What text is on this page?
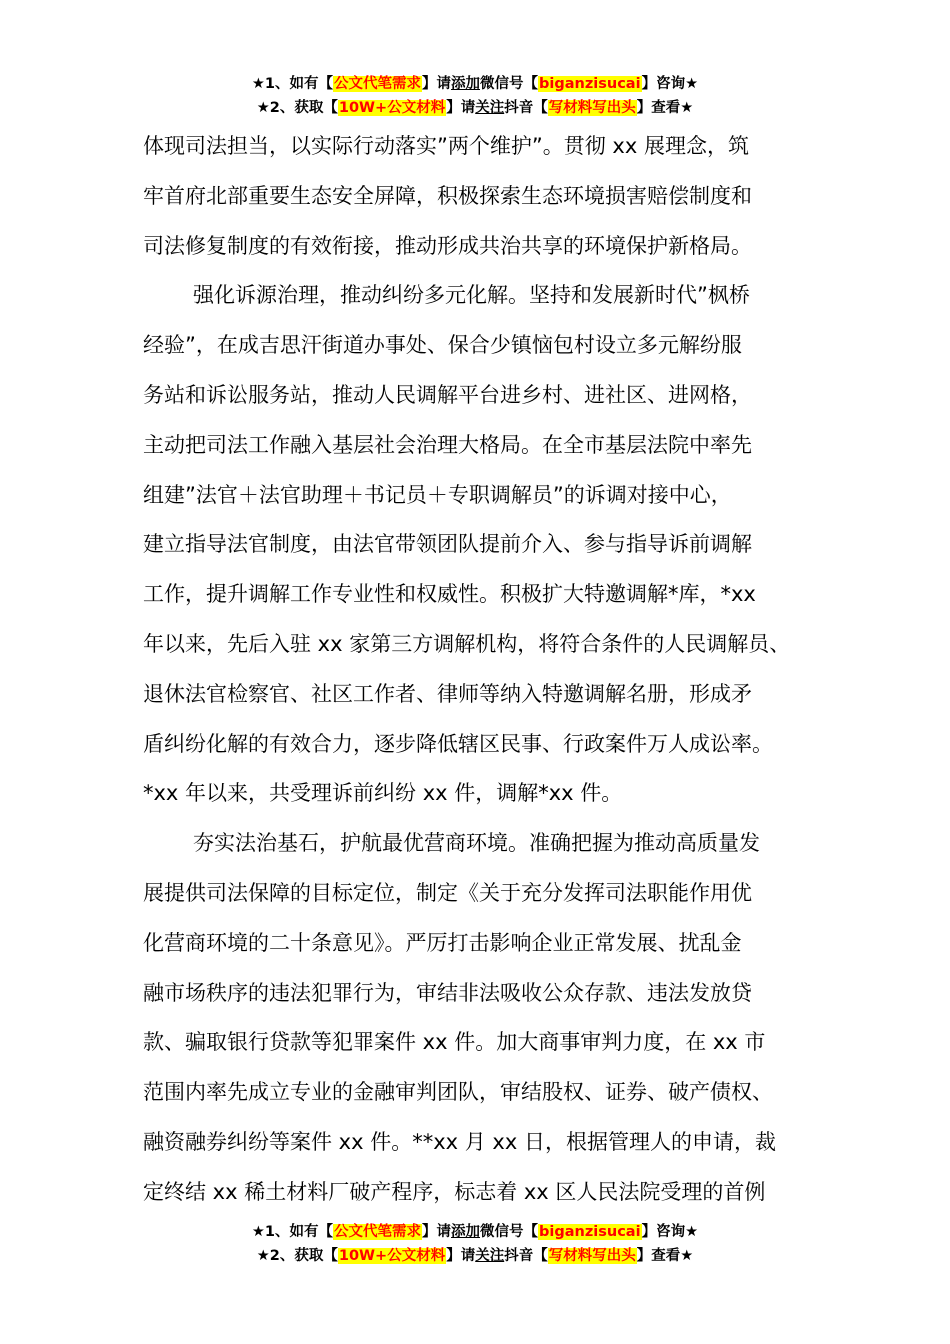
★1、如有【公文代笔需求】请添加微信号【biganzisucai】咨询★
★2、获取【10W+公文材料】请关注抖音【写材料写出头】查看★
体现司法担当，以实际行动落实”两个维护”。贯彻 xx 展理念，筑
牢首府北部重要生态安全屏障，积极探索生态环境损害赔偿制度和
司法修复制度的有效衔接，推动形成共治共享的环境保护新格局。
强化诉源治理，推动纠纷多元化解。坚持和发展新时代”枫桥
经验”，在成吉思汗街道办事处、保合少镇恼包村设立多元解纷服
务站和诉讼服务站，推动人民调解平台进乡村、进社区、进网格，
主动把司法工作融入基层社会治理大格局。在全市基层法院中率先
组建”法官＋法官助理＋书记员＋专职调解员”的诉调对接中心，
建立指导法官制度，由法官带领团队提前介入、参与指导诉前调解
工作，提升调解工作专业性和权威性。积极扩大特邀调解*库，*xx
年以来，先后入驻 xx 家第三方调解机构，将符合条件的人民调解员、
退休法官检察官、社区工作者、律师等纳入特邀调解名册，形成矛
盾纠纷化解的有效合力，逐步降低辖区民事、行政案件万人成讼率。
*xx 年以来，共受理诉前纠纷 xx 件，调解*xx 件。
夯实法治基石，护航最优营商环境。准确把握为推动高质量发
展提供司法保障的目标定位，制定《关于充分发挥司法职能作用优
化营商环境的二十条意见》。严厉打击影响企业正常发展、扰乱金
融市场秩序的违法犯罪行为，审结非法吸收公众存款、违法发放贷
款、骗取银行贷款等犯罪案件 xx 件。加大商事审判力度，在 xx 市
范围内率先成立专业的金融审判团队，审结股权、证券、破产债权、
融资融券纠纷等案件 xx 件。**xx 月 xx 日，根据管理人的申请，裁
定终结 xx 稀土材料厂破产程序，标志着 xx 区人民法院受理的首例
★1、如有【公文代笔需求】请添加微信号【biganzisucai】咨询★
★2、获取【10W+公文材料】请关注抖音【写材料写出头】查看★
